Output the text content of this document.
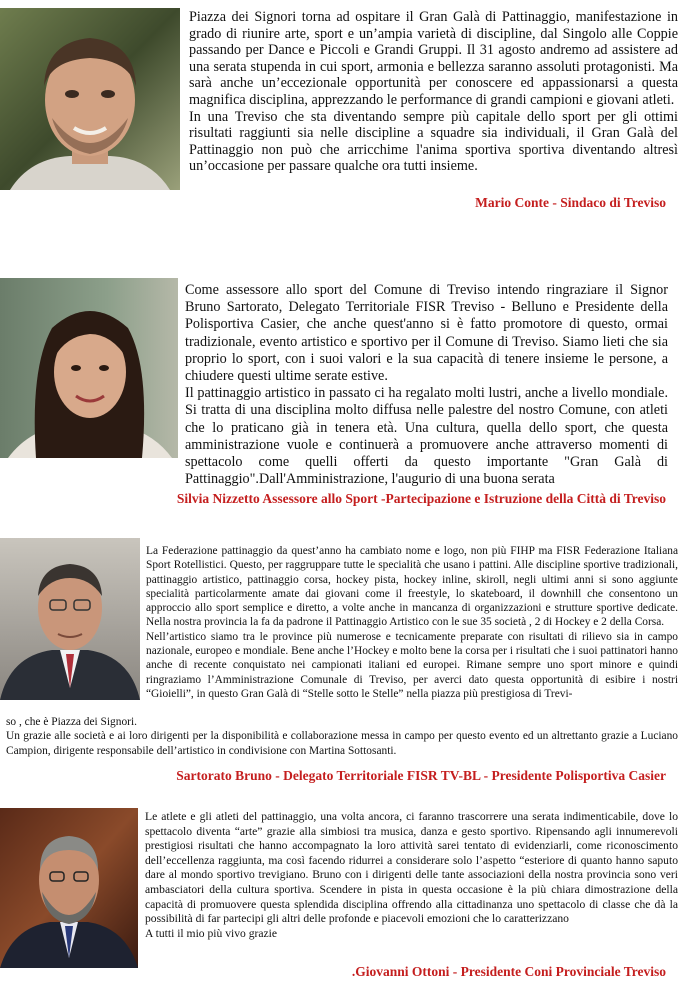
Piazza dei Signori torna ad ospitare il Gran Galà di Pattinaggio, manifestazione in grado di riunire arte, sport e un’ampia varietà di discipline, dal Singolo alle Coppie passando per Dance e Piccoli e Grandi Gruppi. Il 31 agosto andremo ad assistere ad una serata stupenda in cui sport, armonia e bellezza saranno assoluti protagonisti. Ma sarà anche un’eccezionale opportunità per conoscere ed appassionarsi a questa magnifica disciplina, apprezzando le performance di grandi campioni e giovani atleti.

In una Treviso che sta diventando sempre più capitale dello sport per gli ottimi risultati raggiunti sia nelle discipline a squadre sia individuali, il Gran Galà del Pattinaggio non può che arricchime l'anima sportiva sportiva diventando altresì un’occasione per passare qualche ora tutti insieme.

Mario Conte - Sindaco di Treviso

Come assessore allo sport del Comune di Treviso intendo ringraziare il Signor Bruno Sartorato, Delegato Territoriale FISR Treviso - Belluno e Presidente della Polisportiva Casier, che anche quest'anno si è fatto promotore di questo, ormai tradizionale, evento artistico e sportivo per il Comune di Treviso. Siamo lieti che sia proprio lo sport, con i suoi valori e la sua capacità di tenere insieme le persone, a chiudere questi ultime serate estive.

Il pattinaggio artistico in passato ci ha regalato molti lustri, anche a livello mondiale. Si tratta di una disciplina molto diffusa nelle palestre del nostro Comune, con atleti che lo praticano già in tenera età. Una cultura, quella dello sport, che questa amministrazione vuole e continuerà a promuovere anche attraverso momenti di spettacolo come quelli offerti da questo importante "Gran Galà di Pattinaggio".Dall'Amministrazione, l'augurio di una buona serata

Silvia Nizzetto Assessore allo Sport -Partecipazione e Istruzione della Città di Treviso

La Federazione pattinaggio da quest’anno ha cambiato nome e logo, non più FIHP ma FISR Federazione Italiana Sport Rotellistici. Questo, per raggruppare tutte le specialità che usano i pattini. Alle discipline sportive tradizionali, pattinaggio artistico, pattinaggio corsa, hockey pista, hockey inline, skiroll, negli ultimi anni si sono aggiunte specialità particolarmente amate dai giovani come il freestyle, lo skateboard, il downhill che consentono un approccio allo sport semplice e diretto, a volte anche in mancanza di organizzazioni e strutture sportive dedicate. Nella nostra provincia la fa da padrone il Pattinaggio Artistico con le sue 35 società , 2 di Hockey e 2 della Corsa.

Nell’artistico siamo tra le province più numerose e tecnicamente preparate con risultati di rilievo sia in campo nazionale, europeo e mondiale. Bene anche l’Hockey e molto bene la corsa per i risultati che i suoi pattinatori hanno anche di recente conquistato nei campionati italiani ed europei. Rimane sempre uno sport minore e quindi ringraziamo l’Amministrazione Comunale di Treviso, per averci dato questa opportunità di esibire i nostri “Gioielli”, in questo Gran Galà di “Stelle sotto le Stelle” nella piazza più prestigiosa di Trevi-

so , che è Piazza dei Signori.

Un grazie alle società e ai loro dirigenti per la disponibilità e collaborazione messa in campo per questo evento ed un altrettanto grazie a Luciano Campion, dirigente responsabile dell’artistico in condivisione con Martina Sottosanti.

Sartorato Bruno - Delegato Territoriale FISR TV-BL - Presidente Polisportiva Casier

Le atlete e gli atleti del pattinaggio, una volta ancora, ci faranno trascorrere una serata indimenticabile, dove lo spettacolo diventa “arte” grazie alla simbiosi tra musica, danza e gesto sportivo. Ripensando agli innumerevoli prestigiosi risultati che hanno accompagnato la loro attività sarei tentato di evidenziarli, come riconoscimento dell’eccellenza raggiunta, ma così facendo ridurrei a considerare solo l’aspetto “esteriore di quanto hanno saputo dare al mondo sportivo trevigiano. Bruno con i dirigenti delle tante associazioni della nostra provincia sono veri ambasciatori della cultura sportiva. Scendere in pista in questa occasione è la più chiara dimostrazione della capacità di promuovere questa splendida disciplina offrendo alla cittadinanza uno spettacolo di classe che dà la possibilità di far partecipi gli altri delle profonde e piacevoli emozioni che lo caratterizzano

A tutti il mio più vivo grazie

.Giovanni Ottoni - Presidente Coni Provinciale Treviso
